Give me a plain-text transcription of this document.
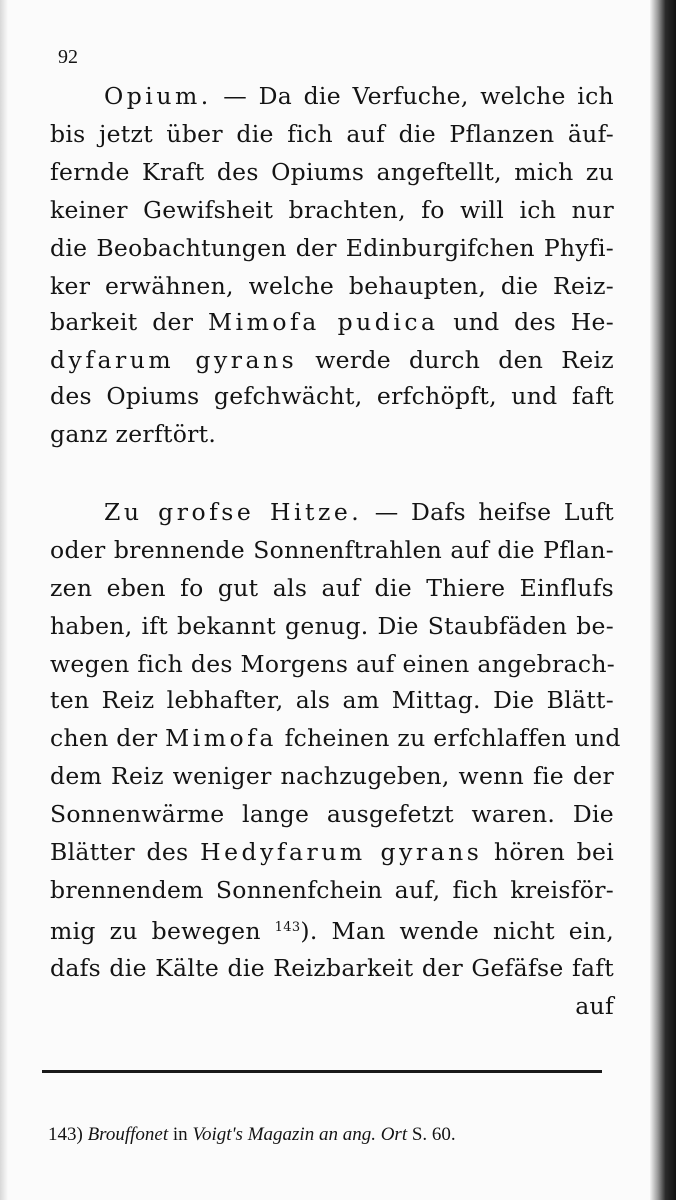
92
Opium. — Da die Verfuche, welche ich
bis jetzt über die fich auf die Pflanzen äuf-
fernde Kraft des Opiums angeftellt, mich zu
keiner Gewifsheit brachten, fo will ich nur
die Beobachtungen der Edinburgifchen Phyfi-
ker erwähnen, welche behaupten, die Reiz-
barkeit der Mimofa pudica und des He-
dyfarum gyrans werde durch den Reiz
des Opiums gefchwächt, erfchöpft, und faft
ganz zerftört.
Zu grofse Hitze. — Dafs heifse Luft
oder brennende Sonnenftrahlen auf die Pflan-
zen eben fo gut als auf die Thiere Einflufs
haben, ift bekannt genug. Die Staubfäden be-
wegen fich des Morgens auf einen angebrach-
ten Reiz lebhafter, als am Mittag. Die Blätt-
chen der Mimofa fcheinen zu erfchlaffen und
dem Reiz weniger nachzugeben, wenn fie der
Sonnenwärme lange ausgefetzt waren. Die
Blätter des Hedyfarum gyrans hören bei
brennendem Sonnenfchein auf, fich kreisför-
mig zu bewegen $^{143}$). Man wende nicht ein,
dafs die Kälte die Reizbarkeit der Gefäfse faft
auf
143) Brouffonet in Voigt's Magazin an ang. Ort S. 60.
